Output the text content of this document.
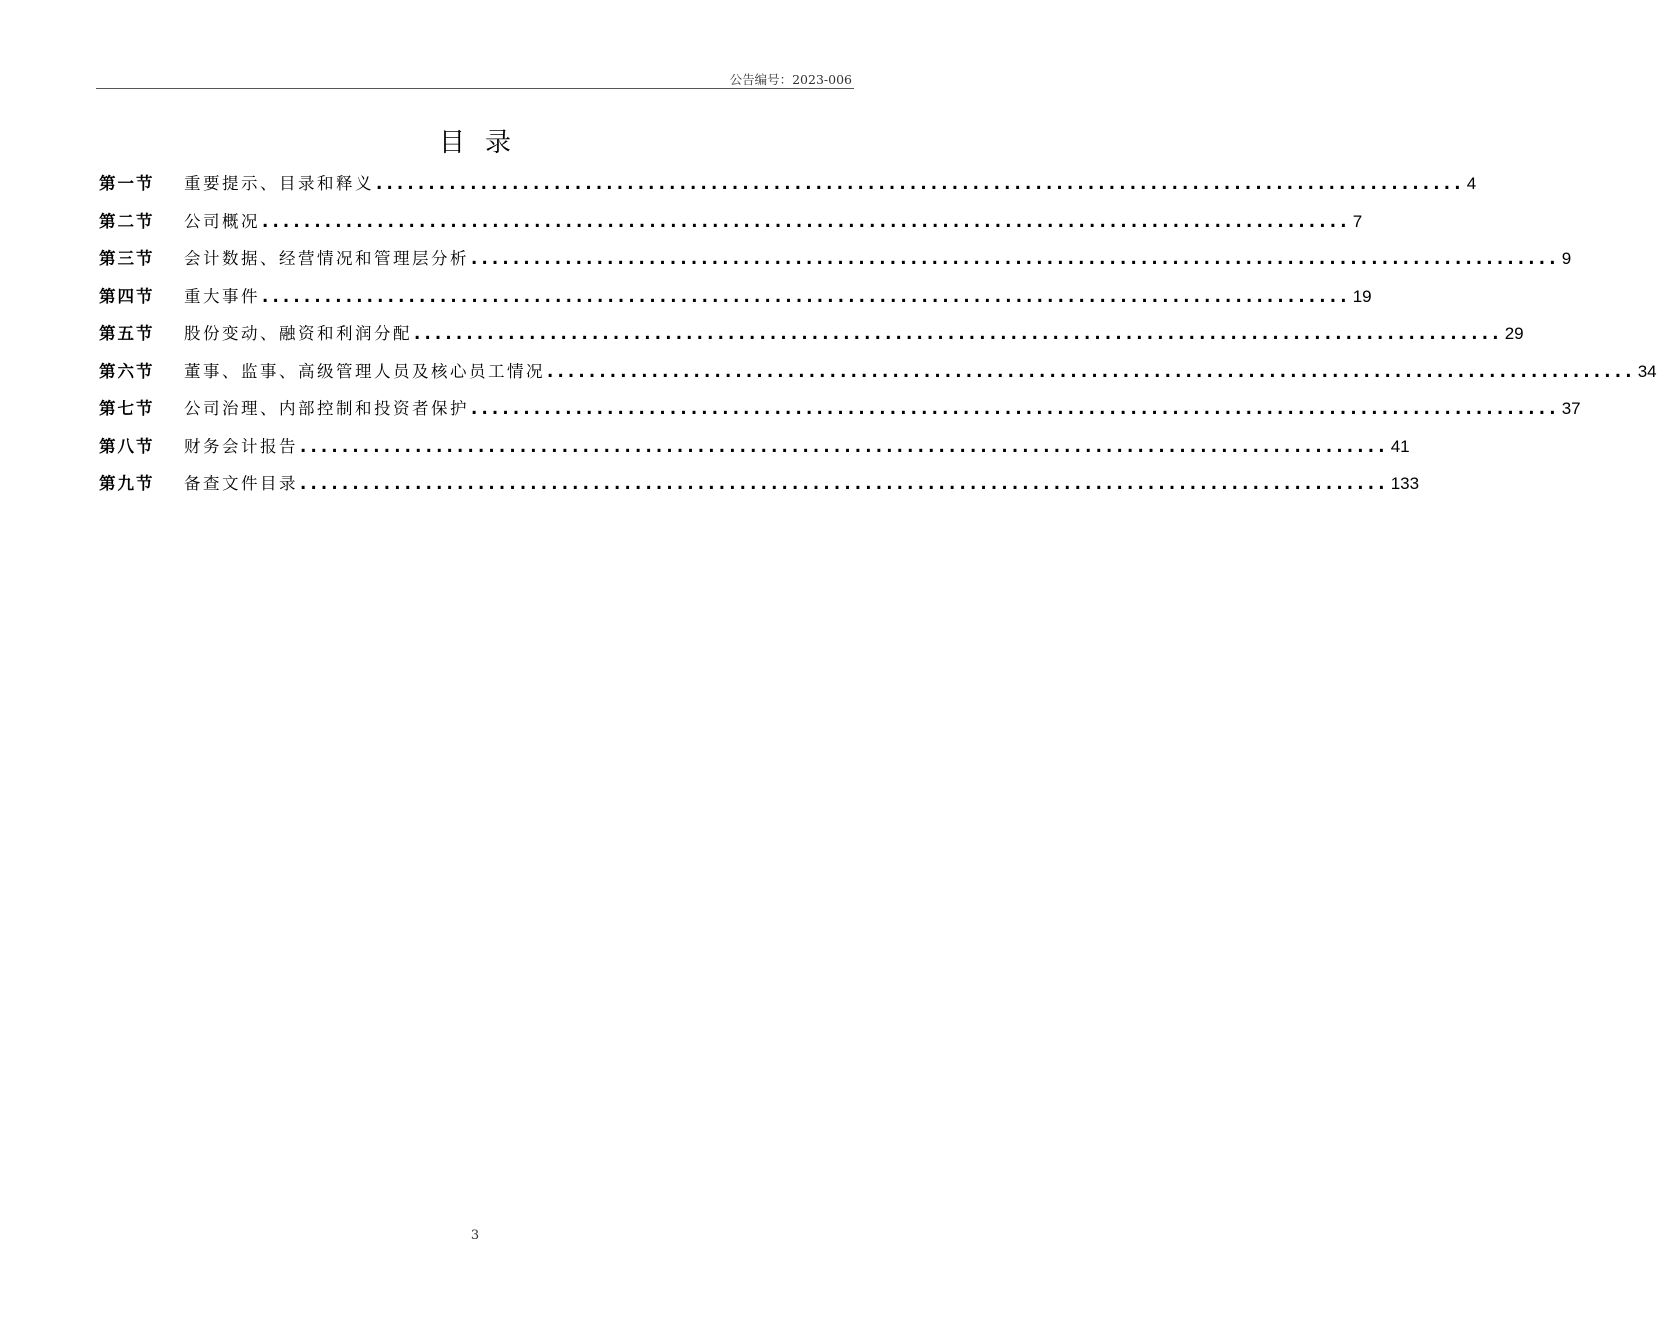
公告编号：2023-006
目录
第一节	重要提示、目录和释义 ........................................................................................................ 4
第二节	公司概况 ........................................................................................................ 7
第三节	会计数据、经营情况和管理层分析 ........................................................................................................ 9
第四节	重大事件 ........................................................................................................ 19
第五节	股份变动、融资和利润分配 ........................................................................................................ 29
第六节	董事、监事、高级管理人员及核心员工情况 ........................................................................................................ 34
第七节	公司治理、内部控制和投资者保护 ........................................................................................................ 37
第八节	财务会计报告 ........................................................................................................ 41
第九节	备查文件目录 ........................................................................................................ 133
3
